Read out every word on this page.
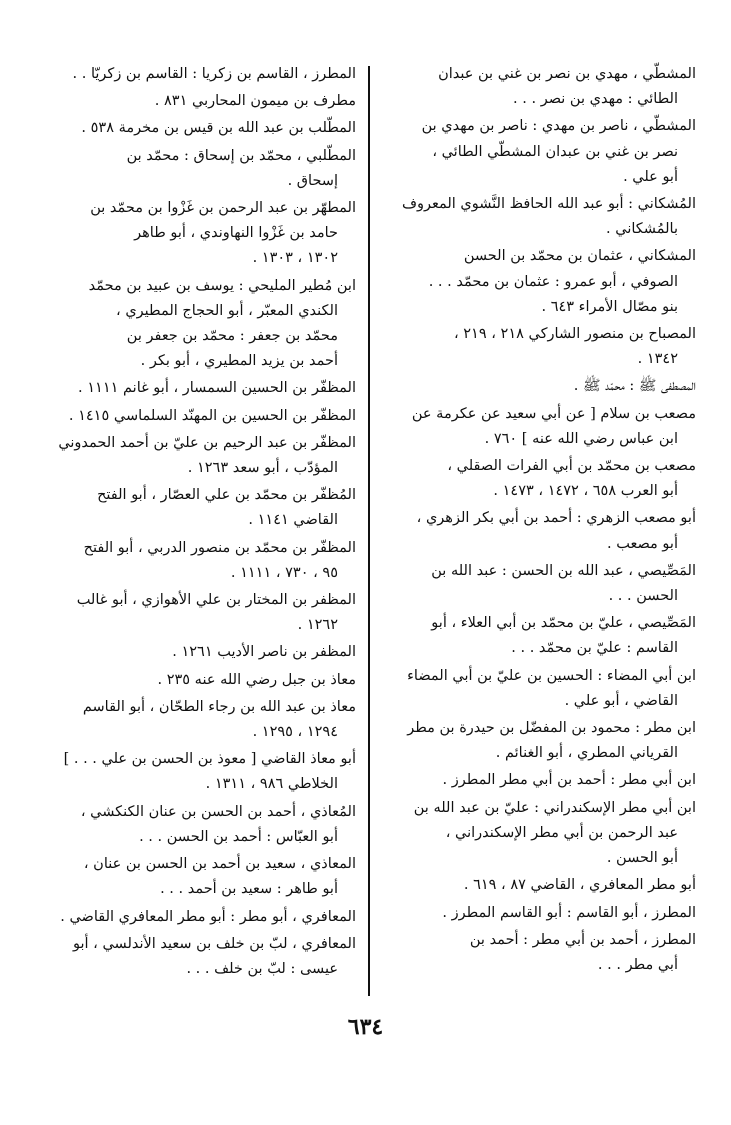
المشطّي ، مهدي بن نصر بن غني بن عبدان
الطائي : مهدي بن نصر . . .
المشطّي ، ناصر بن مهدي : ناصر بن مهدي بن
نصر بن غني بن عبدان المشطّي الطائي ،
أبو علي .
المُشكاني : أبو عبد الله الحافظ النَّشوي المعروف
بالمُشكاني .
المشكاني ، عثمان بن محمّد بن الحسن
الصوفي ، أبو عمرو : عثمان بن محمّد . . .
بنو مصّال الأمراء ٦٤٣ .
المصباح بن منصور الشاركي ٢١٨ ، ٢١٩ ،
١٣٤٢ .
المصطفى ﷺ : محمّد ﷺ .
مصعب بن سلام [ عن أبي سعيد عن عكرمة عن
ابن عباس رضي الله عنه ] ٧٦٠ .
مصعب بن محمّد بن أبي الفرات الصقلي ،
أبو العرب ٦٥٨ ، ١٤٧٢ ، ١٤٧٣ .
أبو مصعب الزهري : أحمد بن أبي بكر الزهري ،
أبو مصعب .
المَصِّيصي ، عبد الله بن الحسن : عبد الله بن
الحسن . . .
المَصِّيصي ، عليّ بن محمّد بن أبي العلاء ، أبو
القاسم : عليّ بن محمّد . . .
ابن أبي المضاء : الحسين بن عليّ بن أبي المضاء
القاضي ، أبو علي .
ابن مطر : محمود بن المفضّل بن حيدرة بن مطر
القرياني المطري ، أبو الغنائم .
ابن أبي مطر : أحمد بن أبي مطر المطرز .
ابن أبي مطر الإسكندراني : عليّ بن عبد الله بن
عبد الرحمن بن أبي مطر الإسكندراني ،
أبو الحسن .
أبو مطر المعافري ، القاضي ٨٧ ، ٦١٩ .
المطرز ، أبو القاسم : أبو القاسم المطرز .
المطرز ، أحمد بن أبي مطر : أحمد بن
أبي مطر . . .
المطرز ، القاسم بن زكريا : القاسم بن زكريّا . .
مطرف بن ميمون المحاربي ٨٣١ .
المطّلب بن عبد الله بن قيس بن مخرمة ٥٣٨ .
المطّلبي ، محمّد بن إسحاق : محمّد بن
إسحاق .
المطهّر بن عبد الرحمن بن غَزْوا بن محمّد بن
حامد بن غَزْوا النهاوندي ، أبو طاهر
١٣٠٢ ، ١٣٠٣ .
ابن مُطير المليحي : يوسف بن عبيد بن محمّد
الكندي المعبّر ، أبو الحجاج المطيري ،
محمّد بن جعفر : محمّد بن جعفر بن
أحمد بن يزيد المطيري ، أبو بكر .
المظفّر بن الحسين السمسار ، أبو غانم ١١١١ .
المظفّر بن الحسين بن المهنّد السلماسي ١٤١٥ .
المظفّر بن عبد الرحيم بن عليّ بن أحمد الحمدوني
المؤدّب ، أبو سعد ١٢٦٣ .
المُظفّر بن محمّد بن علي العصّار ، أبو الفتح
القاضي ١١٤١ .
المظفّر بن محمّد بن منصور الدربي ، أبو الفتح
٩٥ ، ٧٣٠ ، ١١١١ .
المظفر بن المختار بن علي الأهوازي ، أبو غالب
١٢٦٢ .
المظفر بن ناصر الأديب ١٢٦١ .
معاذ بن جبل رضي الله عنه ٢٣٥ .
معاذ بن عبد الله بن رجاء الطحّان ، أبو القاسم
١٢٩٤ ، ١٢٩٥ .
أبو معاذ القاضي [ معوذ بن الحسن بن علي . . . ]
الخلاطي ٩٨٦ ، ١٣١١ .
المُعاذي ، أحمد بن الحسن بن عنان الكنكشي ،
أبو العبّاس : أحمد بن الحسن . . .
المعاذي ، سعيد بن أحمد بن الحسن بن عنان ،
أبو طاهر : سعيد بن أحمد . . .
المعافري ، أبو مطر : أبو مطر المعافري القاضي .
المعافري ، لبّ بن خلف بن سعيد الأندلسي ، أبو
عيسى : لبّ بن خلف . . .
٦٣٤
